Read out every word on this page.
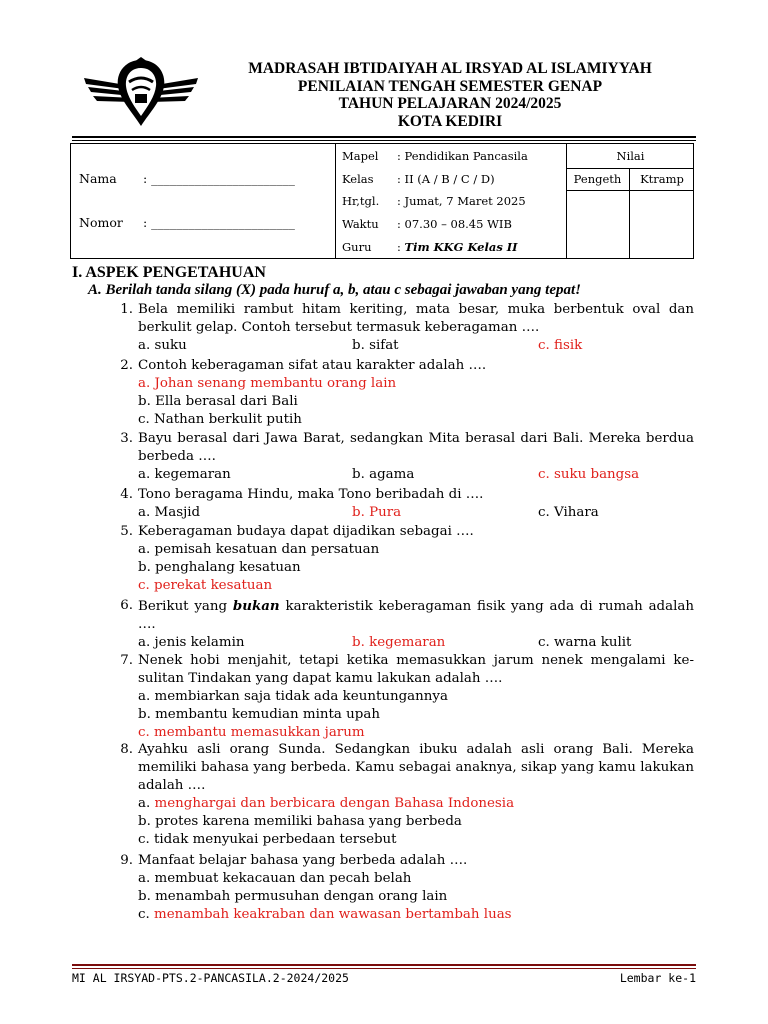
MADRASAH IBTIDAIYAH AL IRSYAD AL ISLAMIYYAH
PENILAIAN TENGAH SEMESTER GENAP
TAHUN PELAJARAN 2024/2025
KOTA KEDIRI
Nama : _______________________
Nomor : _______________________
Mapel : Pendidikan Pancasila
Kelas : II (A / B / C / D)
Hr,tgl. : Jumat, 7 Maret 2025
Waktu : 07.30 – 08.45 WIB
Guru : Tim KKG Kelas II
Nilai
Pengeth	Ktramp
I. ASPEK PENGETAHUAN
A. Berilah tanda silang (X) pada huruf a, b, atau c sebagai jawaban yang tepat!
1. Bela memiliki rambut hitam keriting, mata besar, muka berbentuk oval dan berkulit gelap. Contoh tersebut termasuk keberagaman ….
a. suku	b. sifat	c. fisik
2. Contoh keberagaman sifat atau karakter adalah ….
a. Johan senang membantu orang lain
b. Ella berasal dari Bali
c. Nathan berkulit putih
3. Bayu berasal dari Jawa Barat, sedangkan Mita berasal dari Bali. Mereka berdua berbeda ….
a. kegemaran	b. agama	c. suku bangsa
4. Tono beragama Hindu, maka Tono beribadah di ….
a. Masjid	b. Pura	c. Vihara
5. Keberagaman budaya dapat dijadikan sebagai ….
a. pemisah kesatuan dan persatuan
b. penghalang kesatuan
c. perekat kesatuan
6. Berikut yang bukan karakteristik keberagaman fisik yang ada di rumah adalah ….
a. jenis kelamin	b. kegemaran	c. warna kulit
7. Nenek hobi menjahit, tetapi ketika memasukkan jarum nenek mengalami ke-sulitan Tindakan yang dapat kamu lakukan adalah ….
a. membiarkan saja tidak ada keuntungannya
b. membantu kemudian minta upah
c. membantu memasukkan jarum
8. Ayahku asli orang Sunda. Sedangkan ibuku adalah asli orang Bali. Mereka memiliki bahasa yang berbeda. Kamu sebagai anaknya, sikap yang kamu lakukan adalah ….
a. menghargai dan berbicara dengan Bahasa Indonesia
b. protes karena memiliki bahasa yang berbeda
c. tidak menyukai perbedaan tersebut
9. Manfaat belajar bahasa yang berbeda adalah ….
a. membuat kekacauan dan pecah belah
b. menambah permusuhan dengan orang lain
c. menambah keakraban dan wawasan bertambah luas
MI AL IRSYAD-PTS.2-PANCASILA.2-2024/2025	Lembar ke-1
